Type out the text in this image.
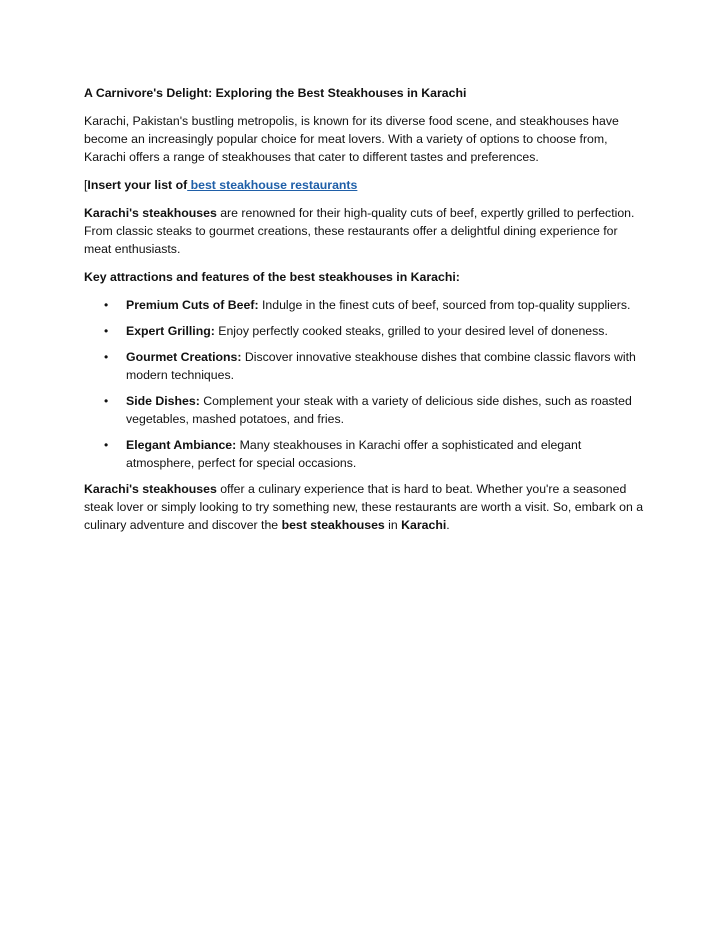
A Carnivore's Delight: Exploring the Best Steakhouses in Karachi

Karachi, Pakistan's bustling metropolis, is known for its diverse food scene, and steakhouses have become an increasingly popular choice for meat lovers. With a variety of options to choose from, Karachi offers a range of steakhouses that cater to different tastes and preferences.

[Insert your list of best steakhouse restaurants

Karachi's steakhouses are renowned for their high-quality cuts of beef, expertly grilled to perfection. From classic steaks to gourmet creations, these restaurants offer a delightful dining experience for meat enthusiasts.

Key attractions and features of the best steakhouses in Karachi:

• Premium Cuts of Beef: Indulge in the finest cuts of beef, sourced from top-quality suppliers.
• Expert Grilling: Enjoy perfectly cooked steaks, grilled to your desired level of doneness.
• Gourmet Creations: Discover innovative steakhouse dishes that combine classic flavors with modern techniques.
• Side Dishes: Complement your steak with a variety of delicious side dishes, such as roasted vegetables, mashed potatoes, and fries.
• Elegant Ambiance: Many steakhouses in Karachi offer a sophisticated and elegant atmosphere, perfect for special occasions.

Karachi's steakhouses offer a culinary experience that is hard to beat. Whether you're a seasoned steak lover or simply looking to try something new, these restaurants are worth a visit. So, embark on a culinary adventure and discover the best steakhouses in Karachi.
